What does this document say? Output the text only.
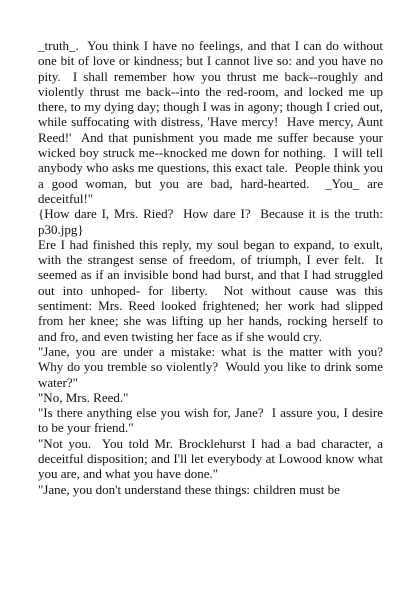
_truth_.  You think I have no feelings, and that I can do without one bit of love or kindness; but I cannot live so: and you have no pity.  I shall remember how you thrust me back--roughly and violently thrust me back--into the red-room, and locked me up there, to my dying day; though I was in agony; though I cried out, while suffocating with distress, 'Have mercy!  Have mercy, Aunt Reed!'  And that punishment you made me suffer because your wicked boy struck me--knocked me down for nothing.  I will tell anybody who asks me questions, this exact tale.  People think you a good woman, but you are bad, hard-hearted.  _You_ are deceitful!"

{How dare I, Mrs. Ried?  How dare I?  Because it is the truth: p30.jpg}

Ere I had finished this reply, my soul began to expand, to exult, with the strangest sense of freedom, of triumph, I ever felt.  It seemed as if an invisible bond had burst, and that I had struggled out into unhoped- for liberty.  Not without cause was this sentiment: Mrs. Reed looked frightened; her work had slipped from her knee; she was lifting up her hands, rocking herself to and fro, and even twisting her face as if she would cry.

"Jane, you are under a mistake: what is the matter with you?  Why do you tremble so violently?  Would you like to drink some water?"

"No, Mrs. Reed."

"Is there anything else you wish for, Jane?  I assure you, I desire to be your friend."

"Not you.  You told Mr. Brocklehurst I had a bad character, a deceitful disposition; and I'll let everybody at Lowood know what you are, and what you have done."

"Jane, you don't understand these things: children must be
